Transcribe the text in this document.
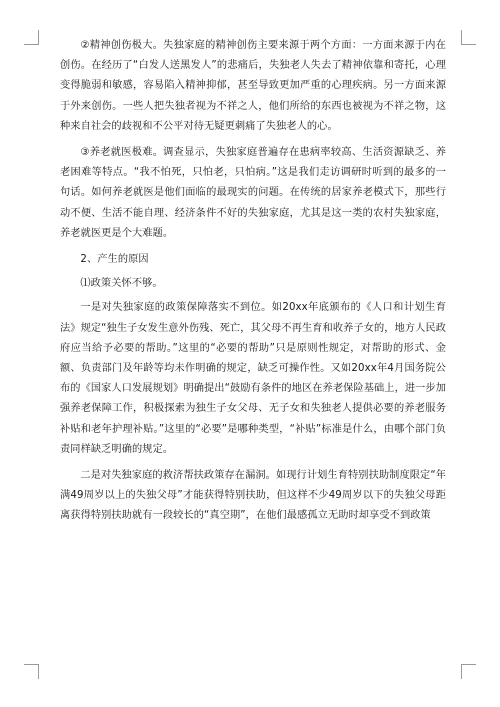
②精神创伤极大。失独家庭的精神创伤主要来源于两个方面：一方面来源于内在创伤。在经历了“白发人送黑发人”的悲痛后，失独老人失去了精神依靠和寄托，心理变得脆弱和敏感，容易陷入精神抑郁，甚至导致更加严重的心理疾病。另一方面来源于外来创伤。一些人把失独者视为不祥之人，他们所给的东西也被视为不祥之物，这种来自社会的歧视和不公平对待无疑更刺痛了失独老人的心。

③养老就医极难。调查显示，失独家庭普遍存在患病率较高、生活资源缺乏、养老困难等特点。“我不怕死，只怕老，只怕病。”这是我们走访调研时听到的最多的一句话。如何养老就医是他们面临的最现实的问题。在传统的居家养老模式下，那些行动不便、生活不能自理、经济条件不好的失独家庭，尤其是这一类的农村失独家庭，养老就医更是个大难题。

2、产生的原因

⑴政策关怀不够。

一是对失独家庭的政策保障落实不到位。如20xx年底颁布的《人口和计划生育法》规定“独生子女发生意外伤残、死亡，其父母不再生育和收养子女的，地方人民政府应当给予必要的帮助。”这里的“必要的帮助”只是原则性规定，对帮助的形式、金额、负责部门及年龄等均未作明确的规定，缺乏可操作性。又如20xx年4月国务院公布的《国家人口发展规划》明确提出“鼓励有条件的地区在养老保险基础上，进一步加强养老保障工作，积极探索为独生子女父母、无子女和失独老人提供必要的养老服务补贴和老年护理补贴。”这里的“必要”是哪种类型，“补贴”标准是什么，由哪个部门负责同样缺乏明确的规定。

二是对失独家庭的救济帮扶政策存在漏洞。如现行计划生育特别扶助制度限定“年满49周岁以上的失独父母”才能获得特别扶助，但这样不少49周岁以下的失独父母距离获得特别扶助就有一段较长的“真空期”，在他们最感孤立无助时却享受不到政策
